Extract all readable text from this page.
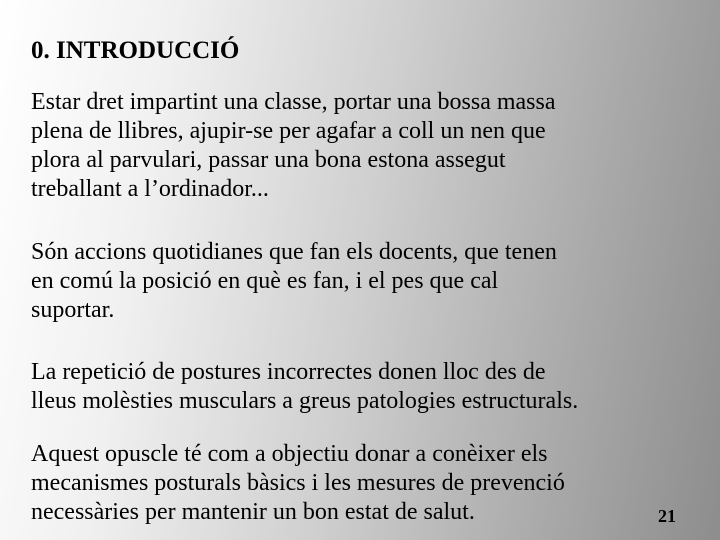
0. INTRODUCCIÓ
Estar dret impartint una classe, portar una bossa massa
plena de llibres, ajupir-se per agafar a coll un nen que
plora al parvulari, passar una bona estona assegut
treballant a l’ordinador...
Són accions quotidianes que fan els docents, que tenen
en comú la posició en què es fan, i el pes que cal
suportar.
La repetició de postures incorrectes donen lloc des de
lleus molèsties musculars a greus patologies estructurals.
Aquest opuscle té com a objectiu donar a conèixer els
mecanismes posturals bàsics i les mesures de prevenció
necessàries per mantenir un bon estat de salut.	21
